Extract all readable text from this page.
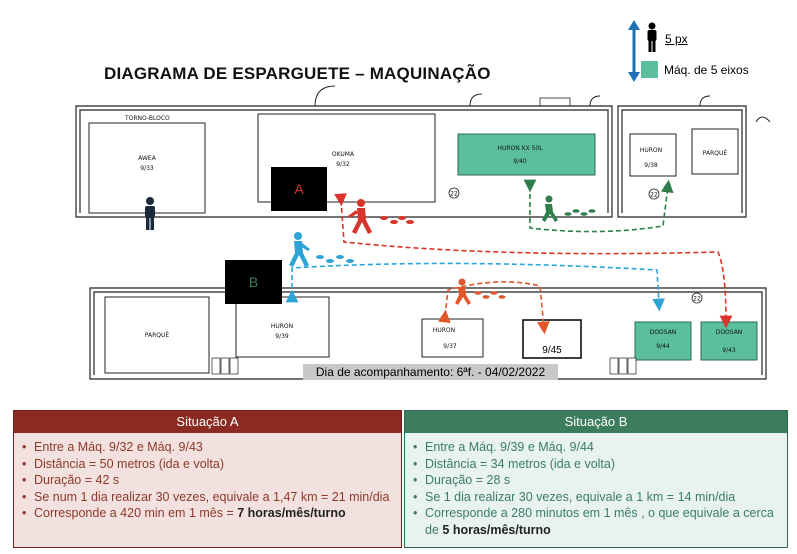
DIAGRAMA DE ESPARGUETE – MAQUINAÇÃO
5 px
Máq. de 5 eixos
AWEA
9/33
TORNO-BLOCO
OKUMA
9/32
HURON KX 50L
9/40
HURON
9/38
PARQUÉ
22	22
22
PARQUÉ
HURON
9/39
HURON
9/37	9/45
DOOSAN
9/44
DOOSAN
9/43
A
B
Dia de acompanhamento: 6ªf. - 04/02/2022
Situação A
• Entre a Máq. 9/32 e Máq. 9/43
• Distância = 50 metros (ida e volta)
• Duração = 42 s
• Se num 1 dia realizar 30 vezes, equivale a 1,47 km = 21 min/dia
• Corresponde a 420 min em 1 mês = 7 horas/mês/turno
Situação B
• Entre a Máq. 9/39 e Máq. 9/44
• Distância = 34 metros (ida e volta)
• Duração = 28 s
• Se 1 dia realizar 30 vezes, equivale a 1 km = 14 min/dia
• Corresponde a 280 minutos em 1 mês , o que equivale a cerca de 5 horas/mês/turno
